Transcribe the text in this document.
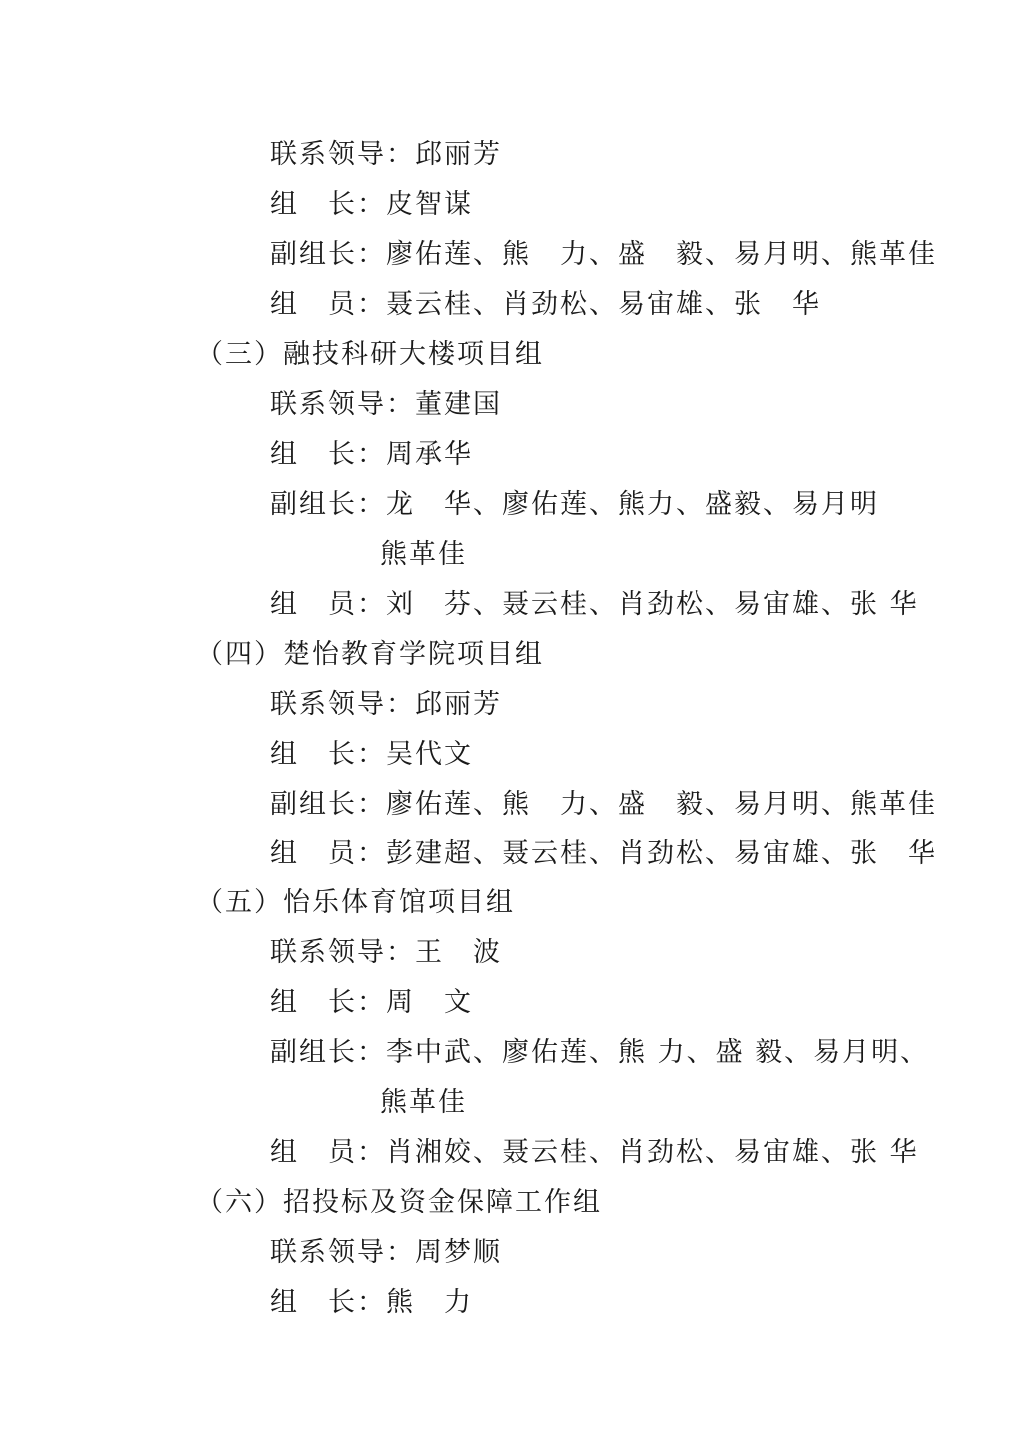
联系领导：邱丽芳
组　长：皮智谋
副组长：廖佑莲、熊　力、盛　毅、易月明、熊革佳
组　员：聂云桂、肖劲松、易宙雄、张　华
（三）融技科研大楼项目组
联系领导：董建国
组　长：周承华
副组长：龙　华、廖佑莲、熊力、盛毅、易月明
熊革佳
组　员：刘　芬、聂云桂、肖劲松、易宙雄、张 华
（四）楚怡教育学院项目组
联系领导：邱丽芳
组　长：吴代文
副组长：廖佑莲、熊　力、盛　毅、易月明、熊革佳
组　员：彭建超、聂云桂、肖劲松、易宙雄、张　华
（五）怡乐体育馆项目组
联系领导：王　波
组　长：周　文
副组长：李中武、廖佑莲、熊 力、盛 毅、易月明、
熊革佳
组　员：肖湘姣、聂云桂、肖劲松、易宙雄、张 华
（六）招投标及资金保障工作组
联系领导：周梦顺
组　长：熊　力
